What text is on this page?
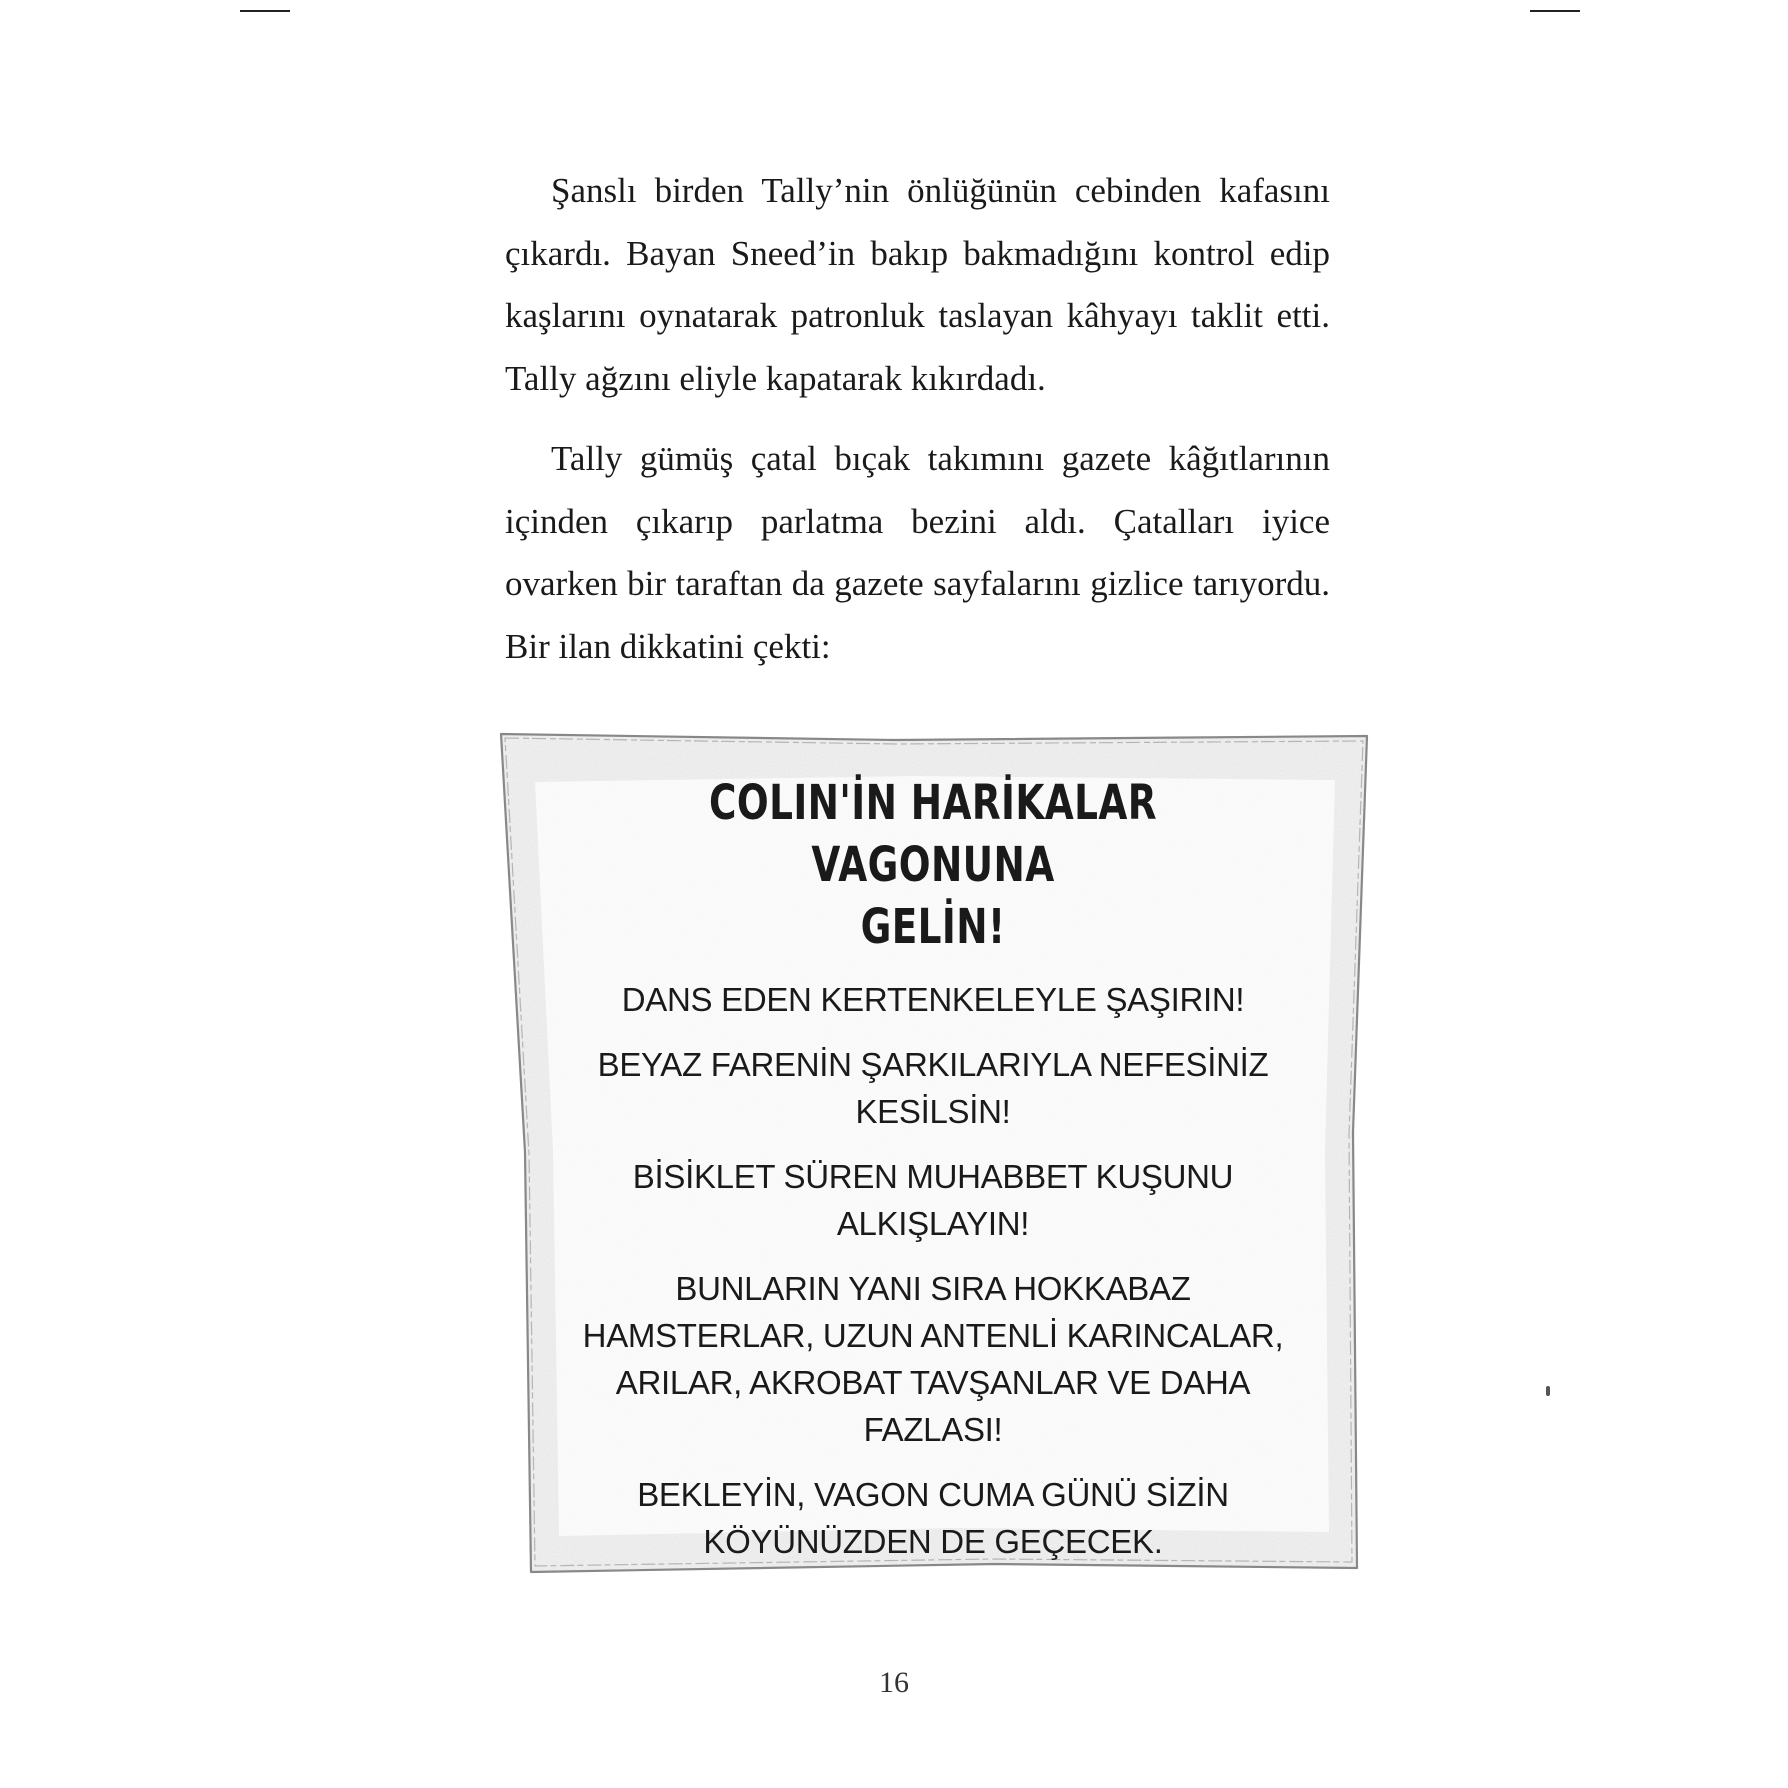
Şanslı birden Tally’nin önlüğünün cebinden kafasını çıkardı. Bayan Sneed’in bakıp bakmadığını kontrol edip kaşlarını oynatarak patronluk taslayan kâhyayı taklit etti. Tally ağzını eliyle kapatarak kıkırdadı.

Tally gümüş çatal bıçak takımını gazete kâğıtlarının içinden çıkarıp parlatma bezini aldı. Çatalları iyice ovarken bir taraftan da gazete sayfalarını gizlice tarıyordu. Bir ilan dikkatini çekti:

COLIN'İN HARİKALAR VAGONUNA
GELİN!

DANS EDEN KERTENKELEYLE ŞAŞIRIN!

BEYAZ FARENİN ŞARKILARIYLA NEFESİNİZ
KESİLSİN!

BİSİKLET SÜREN MUHABBET KUŞUNU
ALKIŞLAYIN!

BUNLARIN YANI SIRA HOKKABAZ
HAMSTERLAR, UZUN ANTENLİ KARINCALAR,
ARILAR, AKROBAT TAVŞANLAR VE DAHA
FAZLASI!

BEKLEYİN, VAGON CUMA GÜNÜ SİZİN
KÖYÜNÜZDEN DE GEÇECEK.

16
